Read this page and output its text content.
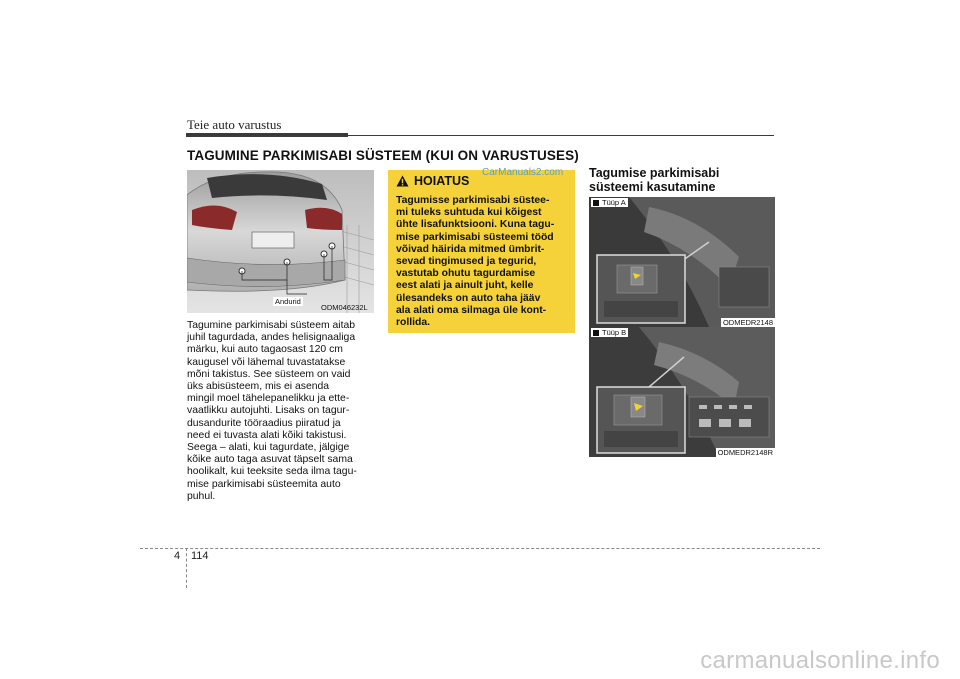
Teie auto varustus
TAGUMINE PARKIMISABI SÜSTEEM (KUI ON VARUSTUSES)
Andurid
ODM046232L
Tagumine parkimisabi süsteem aitab
juhil tagurdada, andes helisignaaliga
märku, kui auto tagaosast 120 cm
kaugusel või lähemal tuvastatakse
mõni takistus. See süsteem on vaid
üks abisüsteem, mis ei asenda
mingil moel tähelepanelikku ja ette-
vaatlikku autojuhti. Lisaks on tagur-
dusandurite tööraadius piiratud ja
need ei tuvasta alati kõiki takistusi.
Seega – alati, kui tagurdate, jälgige
kõike auto taga asuvat täpselt sama
hoolikalt, kui teeksite seda ilma tagu-
mise parkimisabi süsteemita auto
puhul.
CarManuals2.com
HOIATUS
Tagumisse parkimisabi süstee-
mi tuleks suhtuda kui kõigest
ühte lisafunktsiooni. Kuna tagu-
mise parkimisabi süsteemi tööd
võivad häirida mitmed ümbrit-
sevad tingimused ja tegurid,
vastutab ohutu tagurdamise
eest alati ja ainult juht, kelle
ülesandeks on auto taha jääv
ala alati oma silmaga üle kont-
rollida.
Tagumise parkimisabi
süsteemi kasutamine
Tüüp A
ODMEDR2148
Tüüp B
ODMEDR2148R
4 114
carmanualsonline.info
